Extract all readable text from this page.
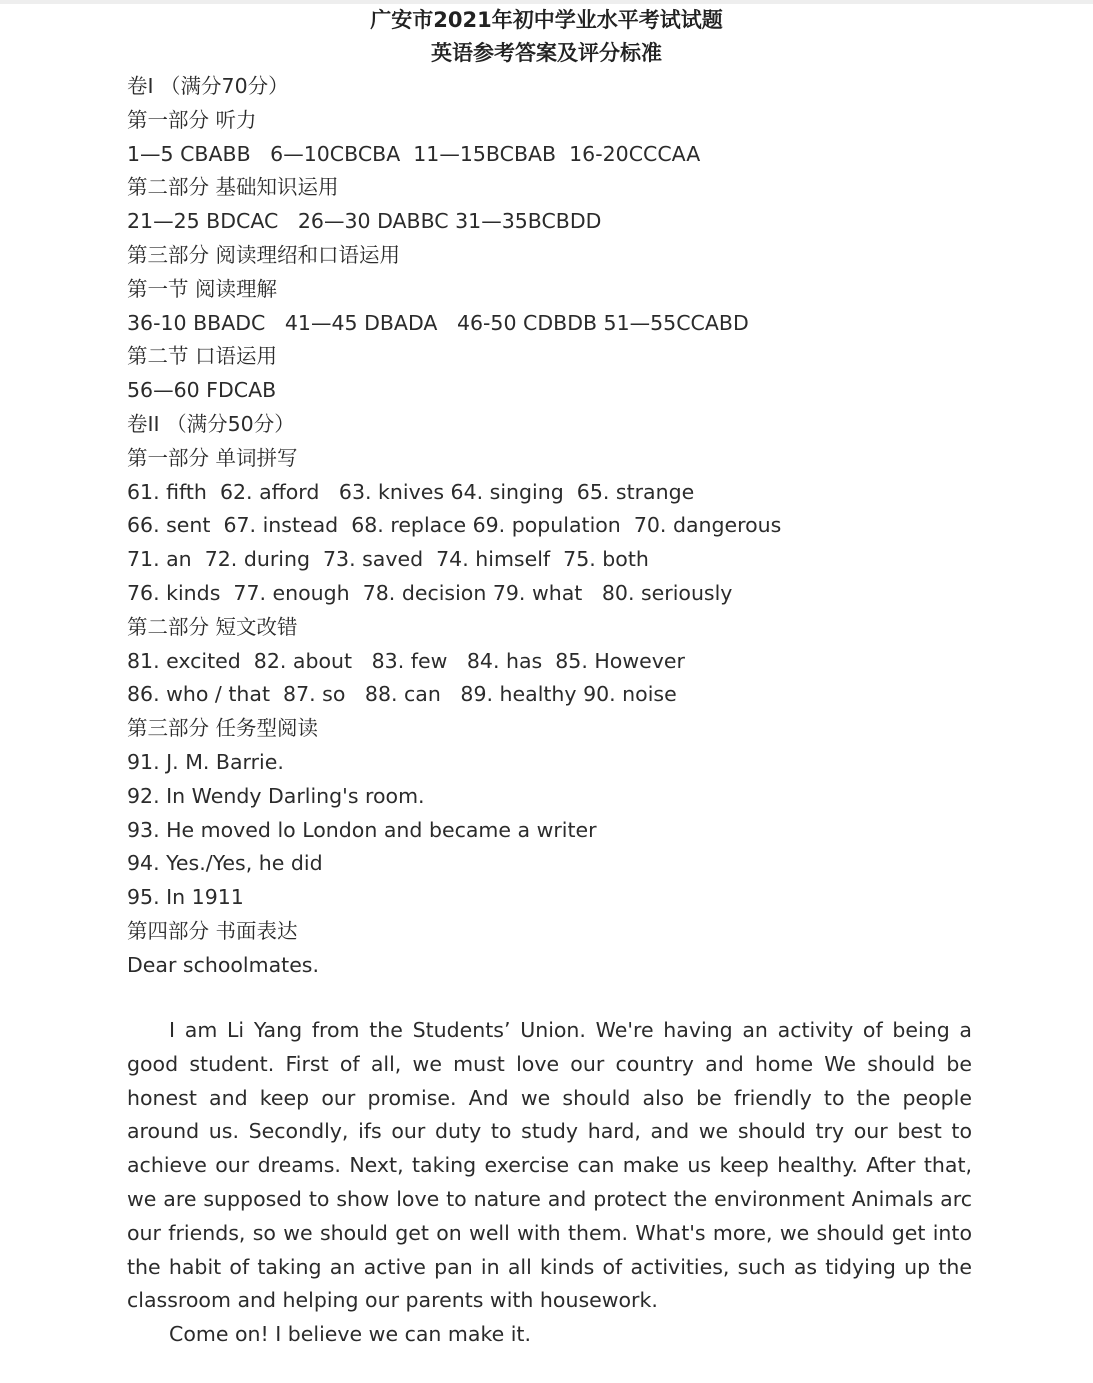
广安市2021年初中学业水平考试试题
英语参考答案及评分标准
卷I （满分70分）
第一部分 听力
1—5 CBABB   6—10CBCBA  11—15BCBAB  16-20CCCAA
第二部分 基础知识运用
21—25 BDCAC   26—30 DABBC 31—35BCBDD
第三部分 阅读理绍和口语运用
第一节 阅读理解
36-10 BBADC   41—45 DBADA   46-50 CDBDB 51—55CCABD
第二节 口语运用
56—60 FDCAB
卷II （满分50分）
第一部分 单词拼写
61. fifth  62. afford   63. knives 64. singing  65. strange
66. sent  67. instead  68. replace 69. population  70. dangerous
71. an  72. during  73. saved  74. himself  75. both
76. kinds  77. enough  78. decision 79. what   80. seriously
第二部分 短文改错
81. excited  82. about   83. few   84. has  85. However
86. who / that  87. so   88. can   89. healthy 90. noise
第三部分 任务型阅读
91. J. M. Barrie.
92. In Wendy Darling's room.
93. He moved lo London and became a writer
94. Yes./Yes, he did
95. In 1911
第四部分 书面表达
Dear schoolmates.

I am Li Yang from the Students’ Union. We're having an activity of being a good student. First of all, we must love our country and home We should be honest and keep our promise. And we should also be friendly to the people around us. Secondly, ifs our duty to study hard, and we should try our best to achieve our dreams. Next, taking exercise can make us keep healthy. After that, we are supposed to show love to nature and protect the environment Animals arc our friends, so we should get on well with them. What's more, we should get into the habit of taking an active pan in all kinds of activities, such as tidying up the classroom and helping our parents with housework.

Come on! I believe we can make it.
